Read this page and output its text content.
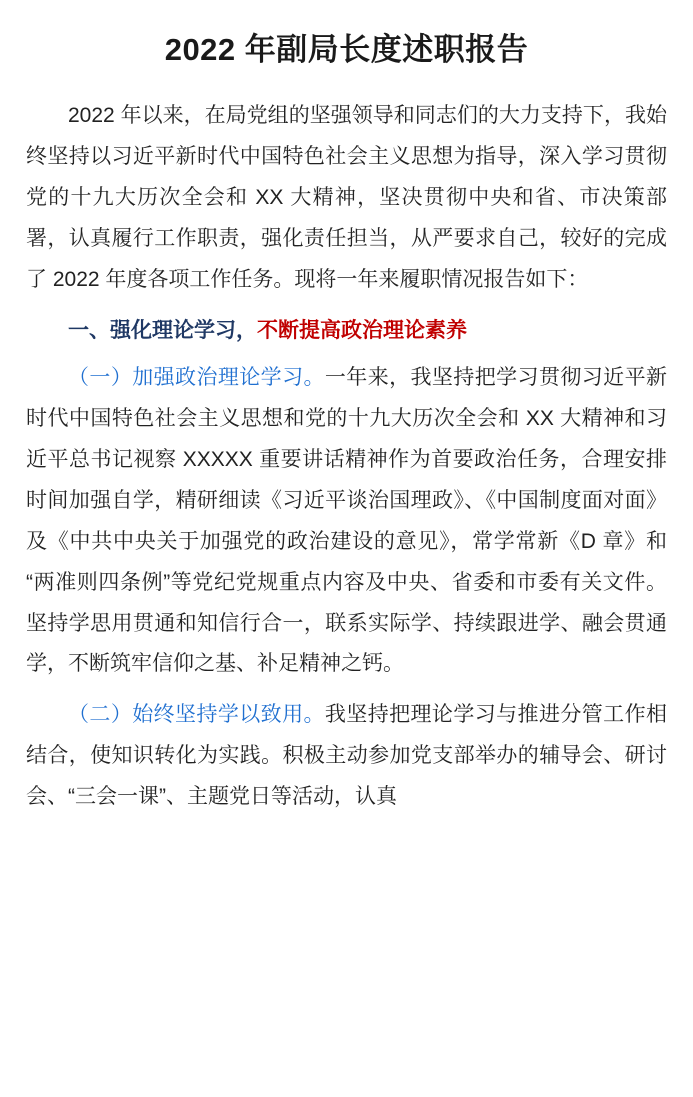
2022 年副局长度述职报告

2022 年以来，在局党组的坚强领导和同志们的大力支持下，我始终坚持以习近平新时代中国特色社会主义思想为指导，深入学习贯彻党的十九大历次全会和 XX 大精神，坚决贯彻中央和省、市决策部署，认真履行工作职责，强化责任担当，从严要求自己，较好的完成了 2022 年度各项工作任务。现将一年来履职情况报告如下：

一、强化理论学习，不断提高政治理论素养

（一）加强政治理论学习。一年来，我坚持把学习贯彻习近平新时代中国特色社会主义思想和党的十九大历次全会和 XX 大精神和习近平总书记视察 XXXXX 重要讲话精神作为首要政治任务，合理安排时间加强自学，精研细读《习近平谈治国理政》、《中国制度面对面》及《中共中央关于加强党的政治建设的意见》，常学常新《D 章》和“两准则四条例”等党纪党规重点内容及中央、省委和市委有关文件。坚持学思用贯通和知信行合一，联系实际学、持续跟进学、融会贯通学，不断筑牢信仰之基、补足精神之钙。

（二）始终坚持学以致用。我坚持把理论学习与推进分管工作相结合，使知识转化为实践。积极主动参加党支部举办的辅导会、研讨会、“三会一课”、主题党日等活动，认真
